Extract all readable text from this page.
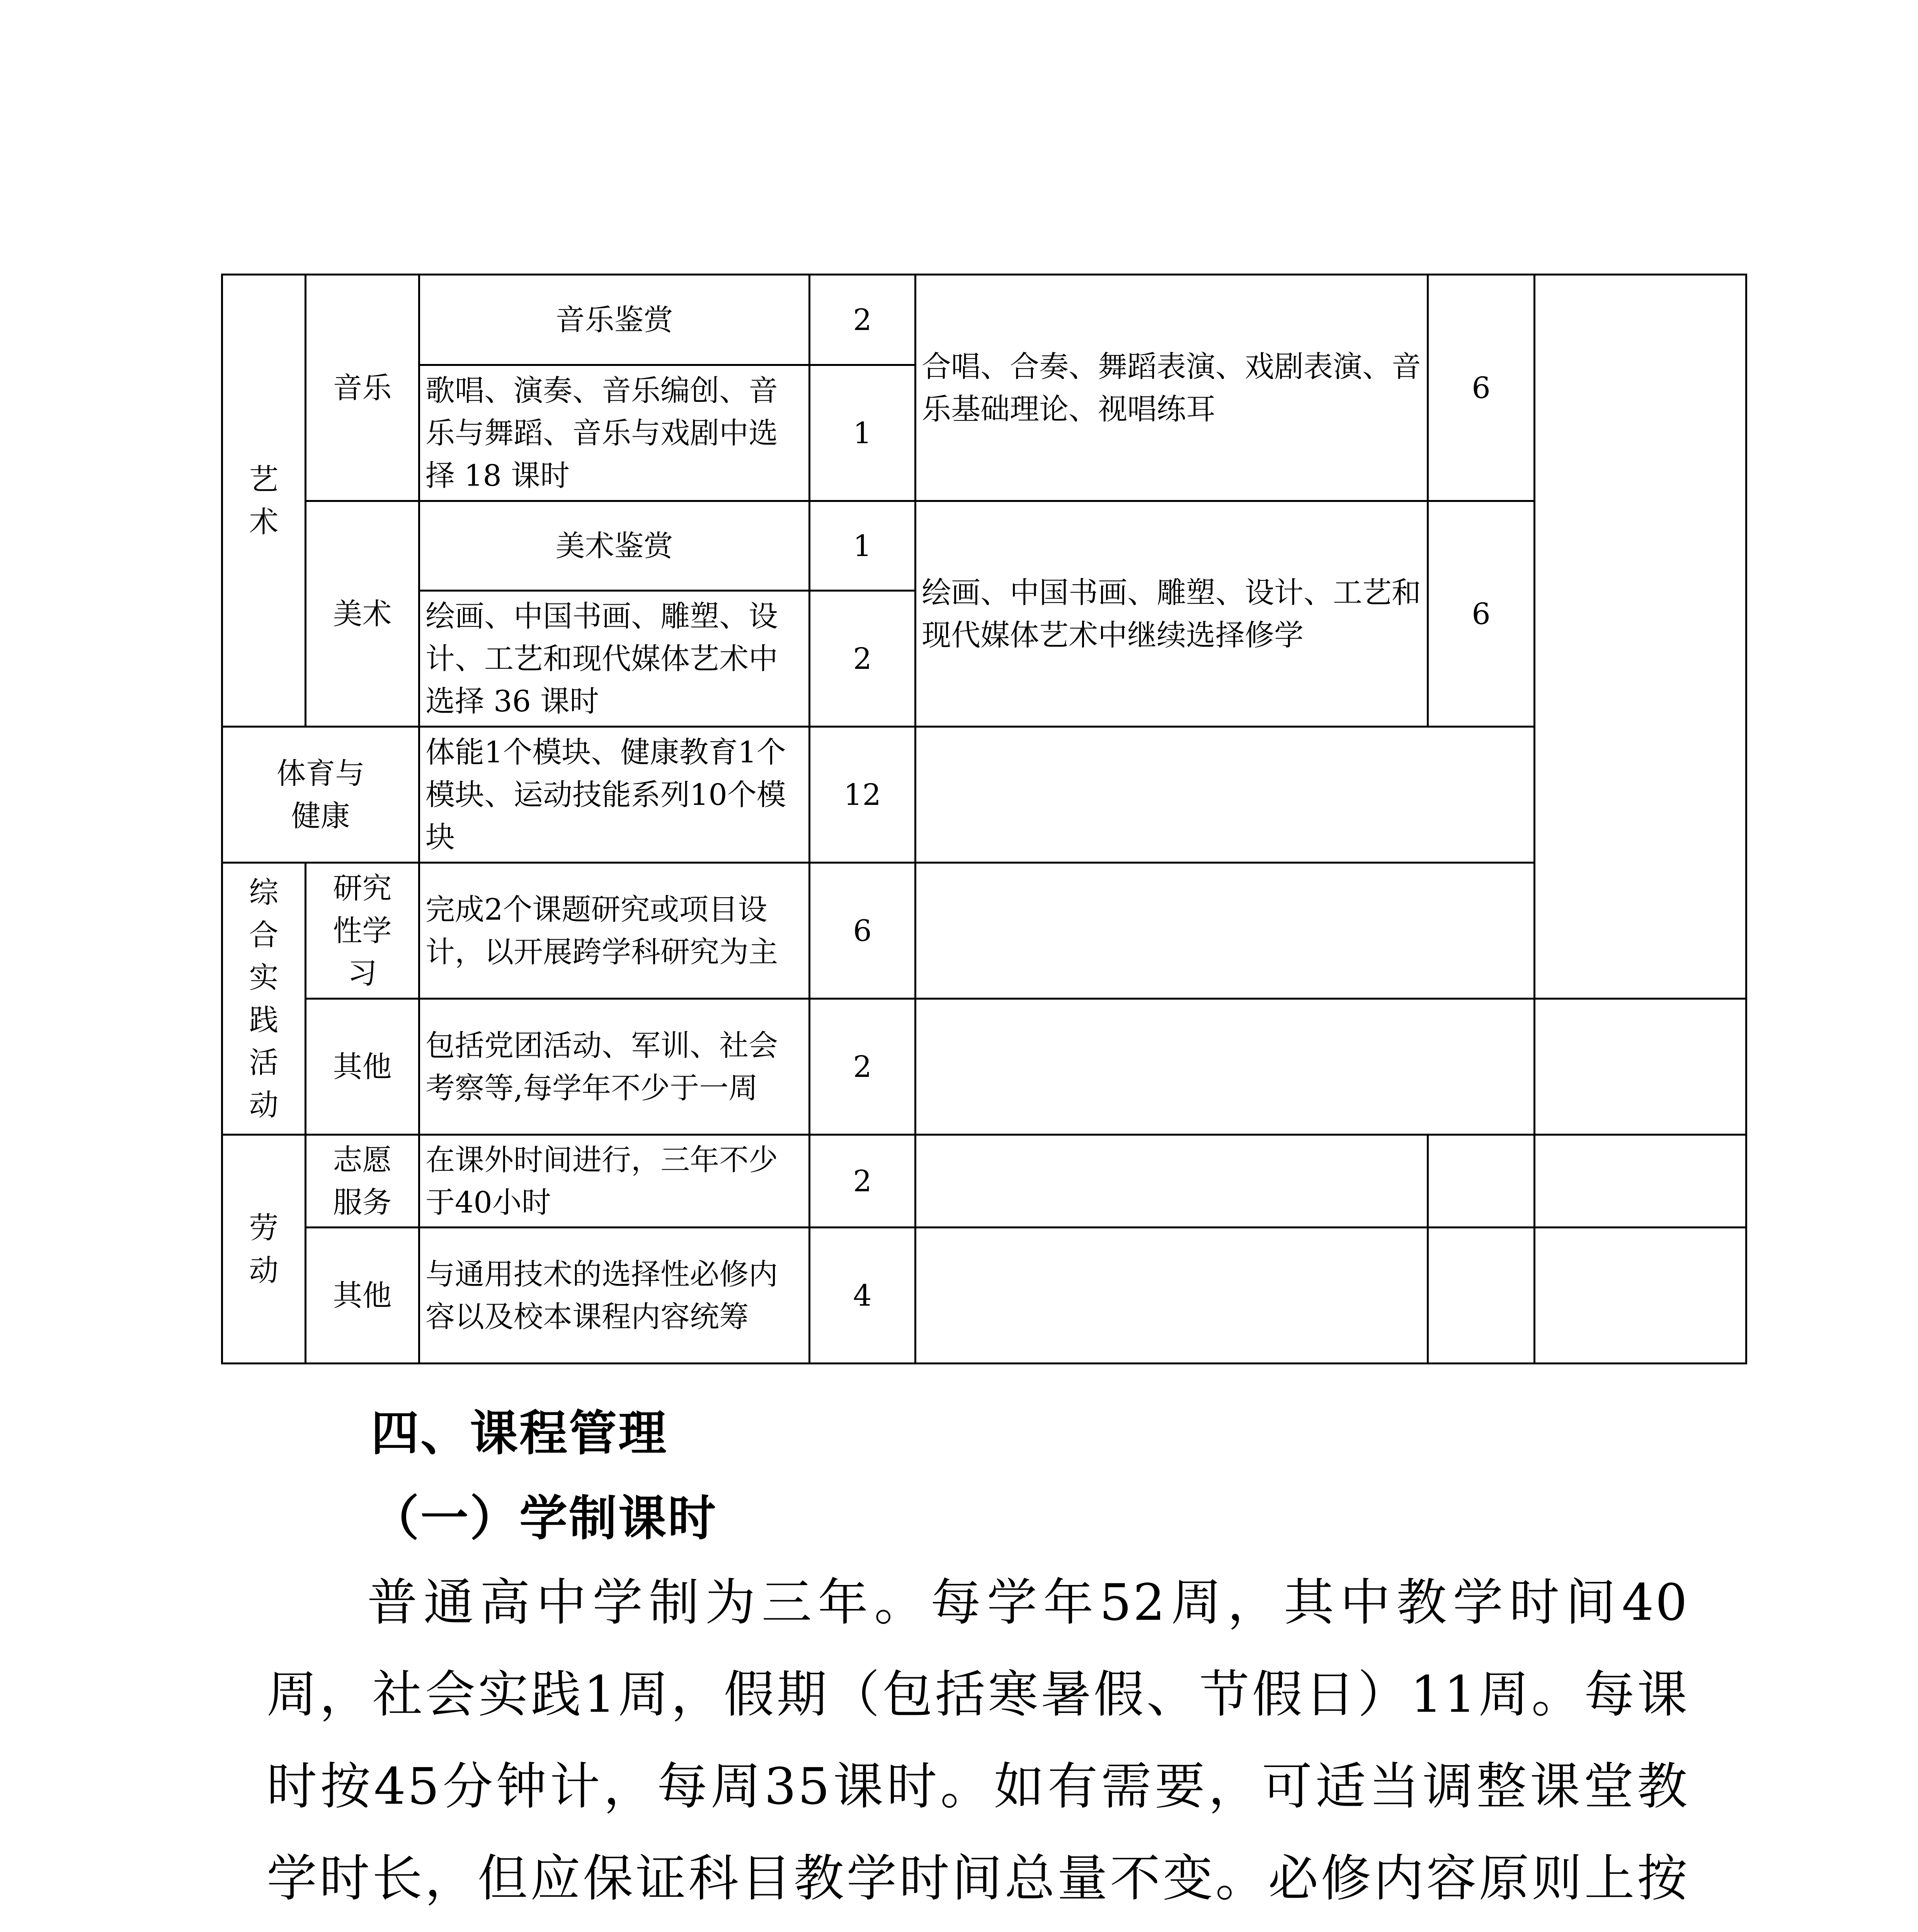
艺术	音乐	音乐鉴赏	2	合唱、合奏、舞蹈表演、戏剧表演、音乐基础理论、视唱练耳	6	
		歌唱、演奏、音乐编创、音乐与舞蹈、音乐与戏剧中选择 18 课时	1			
	美术	美术鉴赏	1	绘画、中国书画、雕塑、设计、工艺和现代媒体艺术中继续选择修学	6	
		绘画、中国书画、雕塑、设计、工艺和现代媒体艺术中选择 36 课时	2			
体育与健康		体能1个模块、健康教育1个模块、运动技能系列10个模块	12			

综合实践活动	研究性学习	完成2个课题研究或项目设计，以开展跨学科研究为主	6			
	其他	包括党团活动、军训、社会考察等,每学年不少于一周	2			

劳动	志愿服务	在课外时间进行，三年不少于40小时	2			
	其他	与通用技术的选择性必修内容以及校本课程内容统筹	4			
四、课程管理
（一）学制课时
普通高中学制为三年。每学年52周，其中教学时间40周，社会实践1周，假期（包括寒暑假、节假日）11周。每课时按45分钟计，每周35课时。如有需要，可适当调整课堂教学时长，但应保证科目教学时间总量不变。必修内容原则上按
